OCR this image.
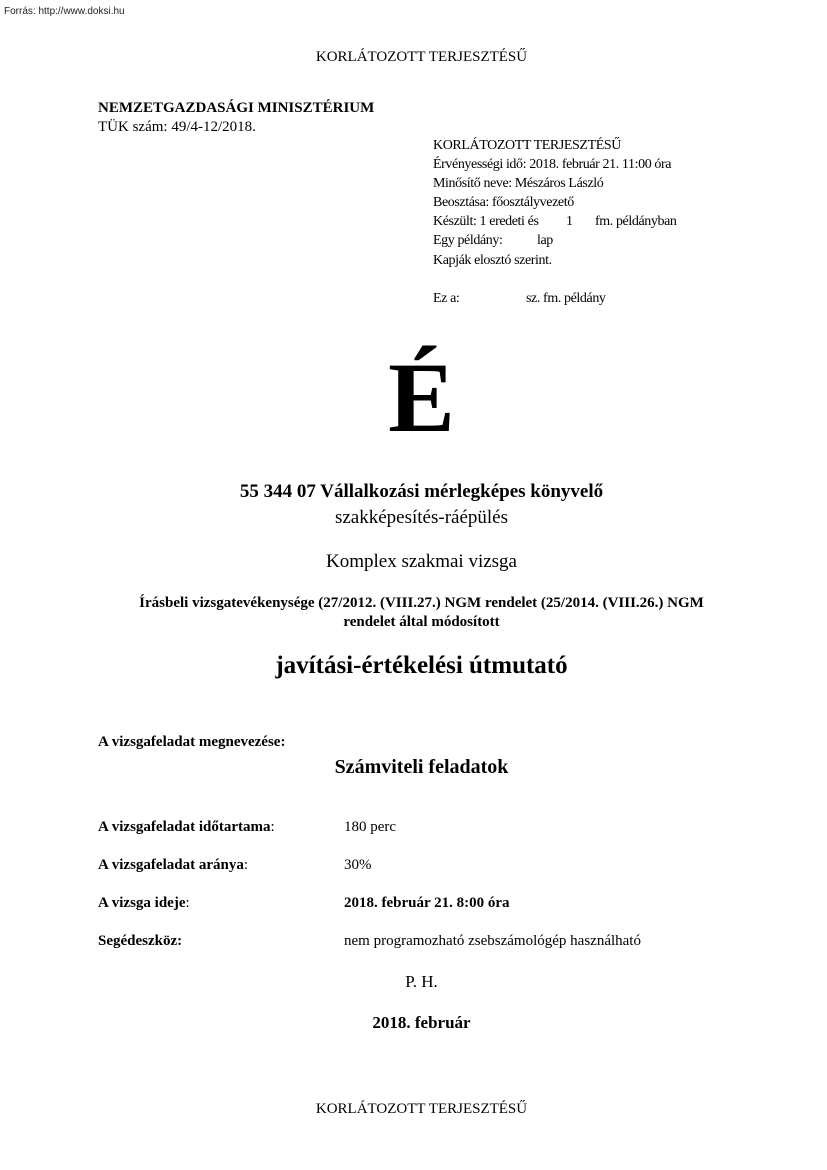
Forrás: http://www.doksi.hu
KORLÁTOZOTT TERJESZTÉSŰ
NEMZETGAZDASÁGI MINISZTÉRIUM
TÜK szám: 49/4-12/2018.
KORLÁTOZOTT TERJESZTÉSŰ
Érvényességi idő: 2018. február 21. 11:00 óra
Minősítő neve: Mészáros László
Beosztása: főosztályvezető
Készült: 1 eredeti és 1 fm. példányban
Egy példány: lap
Kapják elosztó szerint.
Ez a:	sz. fm. példány
É
55 344 07 Vállalkozási mérlegképes könyvelő
szakképesítés-ráépülés
Komplex szakmai vizsga
Írásbeli vizsgatevékenysége (27/2012. (VIII.27.) NGM rendelet (25/2014. (VIII.26.) NGM
rendelet által módosított
javítási-értékelési útmutató
A vizsgafeladat megnevezése:
Számviteli feladatok
A vizsgafeladat időtartama:	180 perc
A vizsgafeladat aránya:	30%
A vizsga ideje:	2018. február 21. 8:00 óra
Segédeszköz:	nem programozható zsebszámológép használható
P. H.
2018. február
KORLÁTOZOTT TERJESZTÉSŰ
